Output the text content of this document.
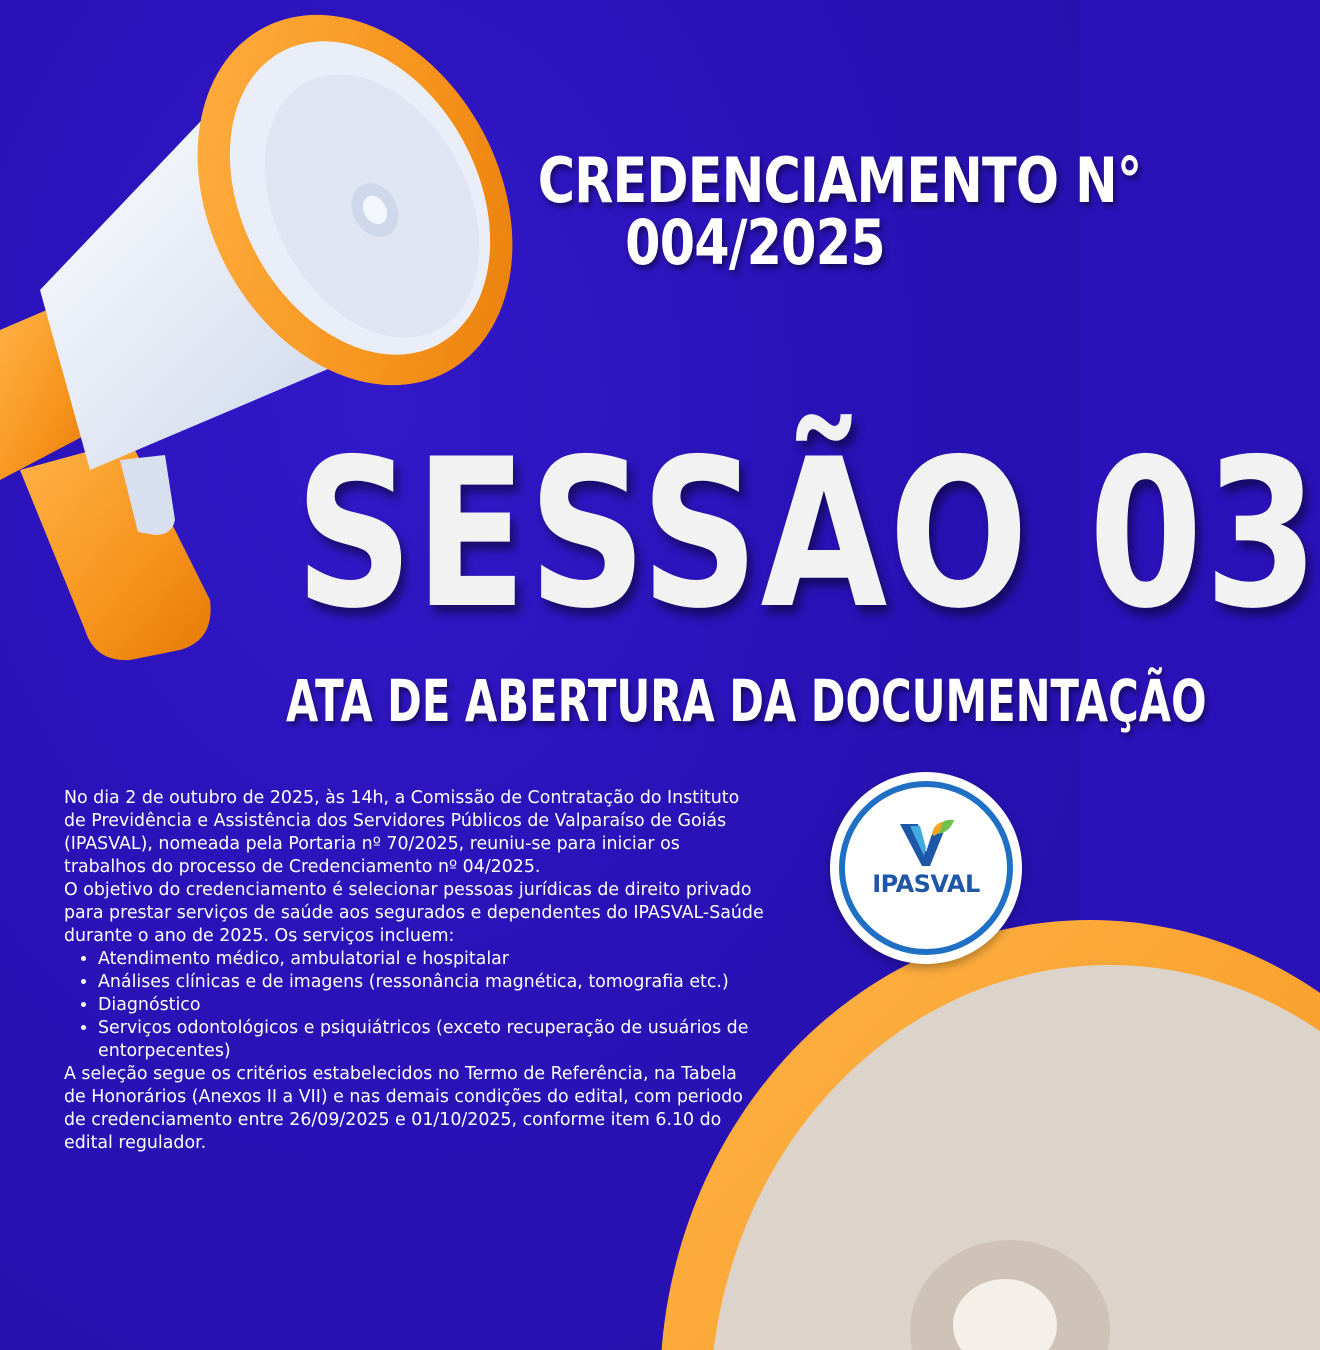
CREDENCIAMENTO N°
004/2025
SESSÃO 03
ATA DE ABERTURA DA DOCUMENTAÇÃO

No dia 2 de outubro de 2025, às 14h, a Comissão de Contratação do Instituto de Previdência e Assistência dos Servidores Públicos de Valparaíso de Goiás (IPASVAL), nomeada pela Portaria nº 70/2025, reuniu-se para iniciar os trabalhos do processo de Credenciamento nº 04/2025.

O objetivo do credenciamento é selecionar pessoas jurídicas de direito privado para prestar serviços de saúde aos segurados e dependentes do IPASVAL-Saúde durante o ano de 2025. Os serviços incluem:

• Atendimento médico, ambulatorial e hospitalar
• Análises clínicas e de imagens (ressonância magnética, tomografia etc.)
• Diagnóstico
• Serviços odontológicos e psiquiátricos (exceto recuperação de usuários de entorpecentes)

A seleção segue os critérios estabelecidos no Termo de Referência, na Tabela de Honorários (Anexos II a VII) e nas demais condições do edital, com periodo de credenciamento entre 26/09/2025 e 01/10/2025, conforme item 6.10 do edital regulador.

IPASVAL
